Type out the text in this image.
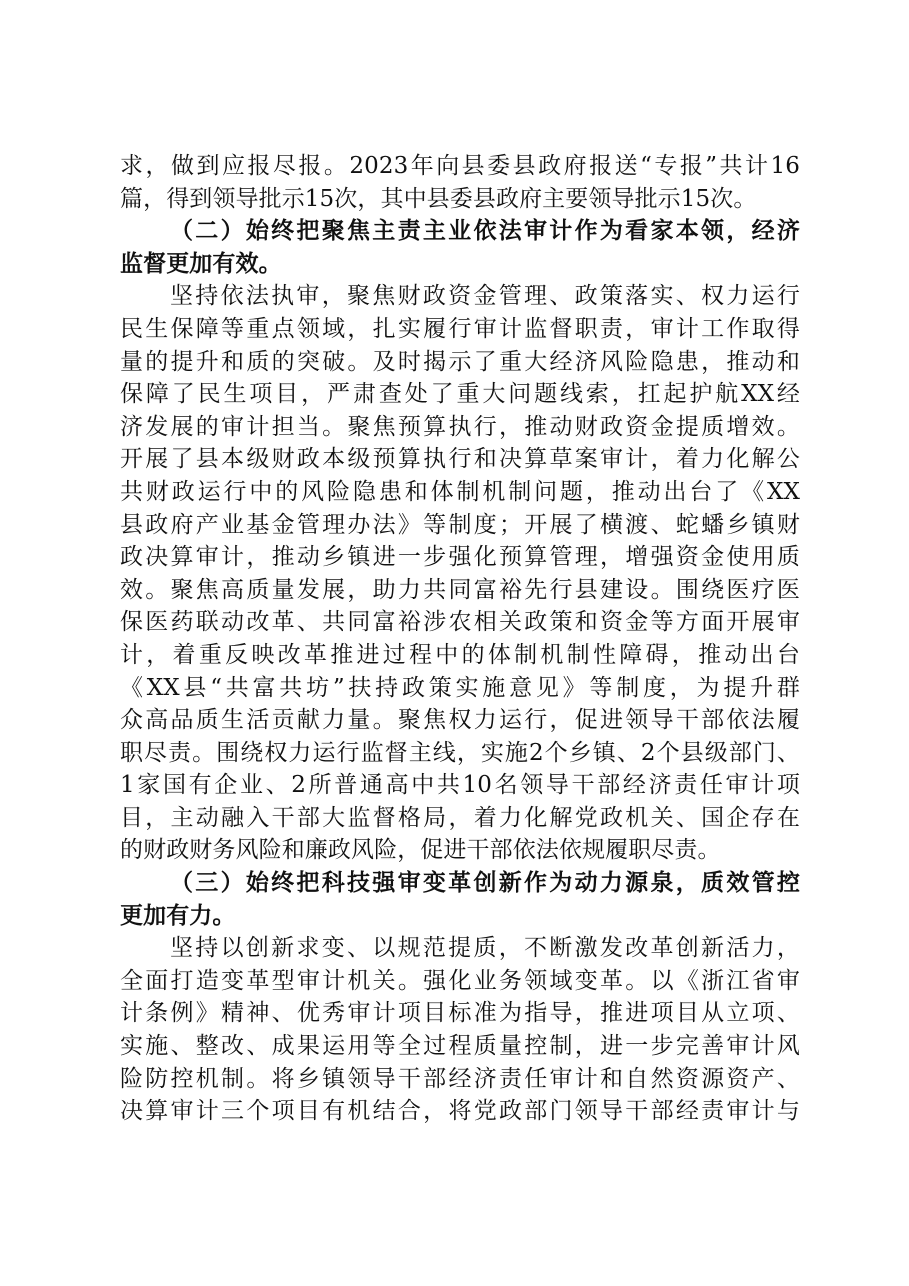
求，做到应报尽报。2023年向县委县政府报送“专报”共计16
篇，得到领导批示15次，其中县委县政府主要领导批示15次。
（二）始终把聚焦主责主业依法审计作为看家本领，经济
监督更加有效。
坚持依法执审，聚焦财政资金管理、政策落实、权力运行
民生保障等重点领域，扎实履行审计监督职责，审计工作取得
量的提升和质的突破。及时揭示了重大经济风险隐患，推动和
保障了民生项目，严肃查处了重大问题线索，扛起护航XX经
济发展的审计担当。聚焦预算执行，推动财政资金提质增效。
开展了县本级财政本级预算执行和决算草案审计，着力化解公
共财政运行中的风险隐患和体制机制问题，推动出台了《XX
县政府产业基金管理办法》等制度；开展了横渡、蛇蟠乡镇财
政决算审计，推动乡镇进一步强化预算管理，增强资金使用质
效。聚焦高质量发展，助力共同富裕先行县建设。围绕医疗医
保医药联动改革、共同富裕涉农相关政策和资金等方面开展审
计，着重反映改革推进过程中的体制机制性障碍，推动出台
《XX县“共富共坊”扶持政策实施意见》等制度，为提升群
众高品质生活贡献力量。聚焦权力运行，促进领导干部依法履
职尽责。围绕权力运行监督主线，实施2个乡镇、2个县级部门、
1家国有企业、2所普通高中共10名领导干部经济责任审计项
目，主动融入干部大监督格局，着力化解党政机关、国企存在
的财政财务风险和廉政风险，促进干部依法依规履职尽责。
（三）始终把科技强审变革创新作为动力源泉，质效管控
更加有力。
坚持以创新求变、以规范提质，不断激发改革创新活力，
全面打造变革型审计机关。强化业务领域变革。以《浙江省审
计条例》精神、优秀审计项目标准为指导，推进项目从立项、
实施、整改、成果运用等全过程质量控制，进一步完善审计风
险防控机制。将乡镇领导干部经济责任审计和自然资源资产、
决算审计三个项目有机结合，将党政部门领导干部经责审计与
